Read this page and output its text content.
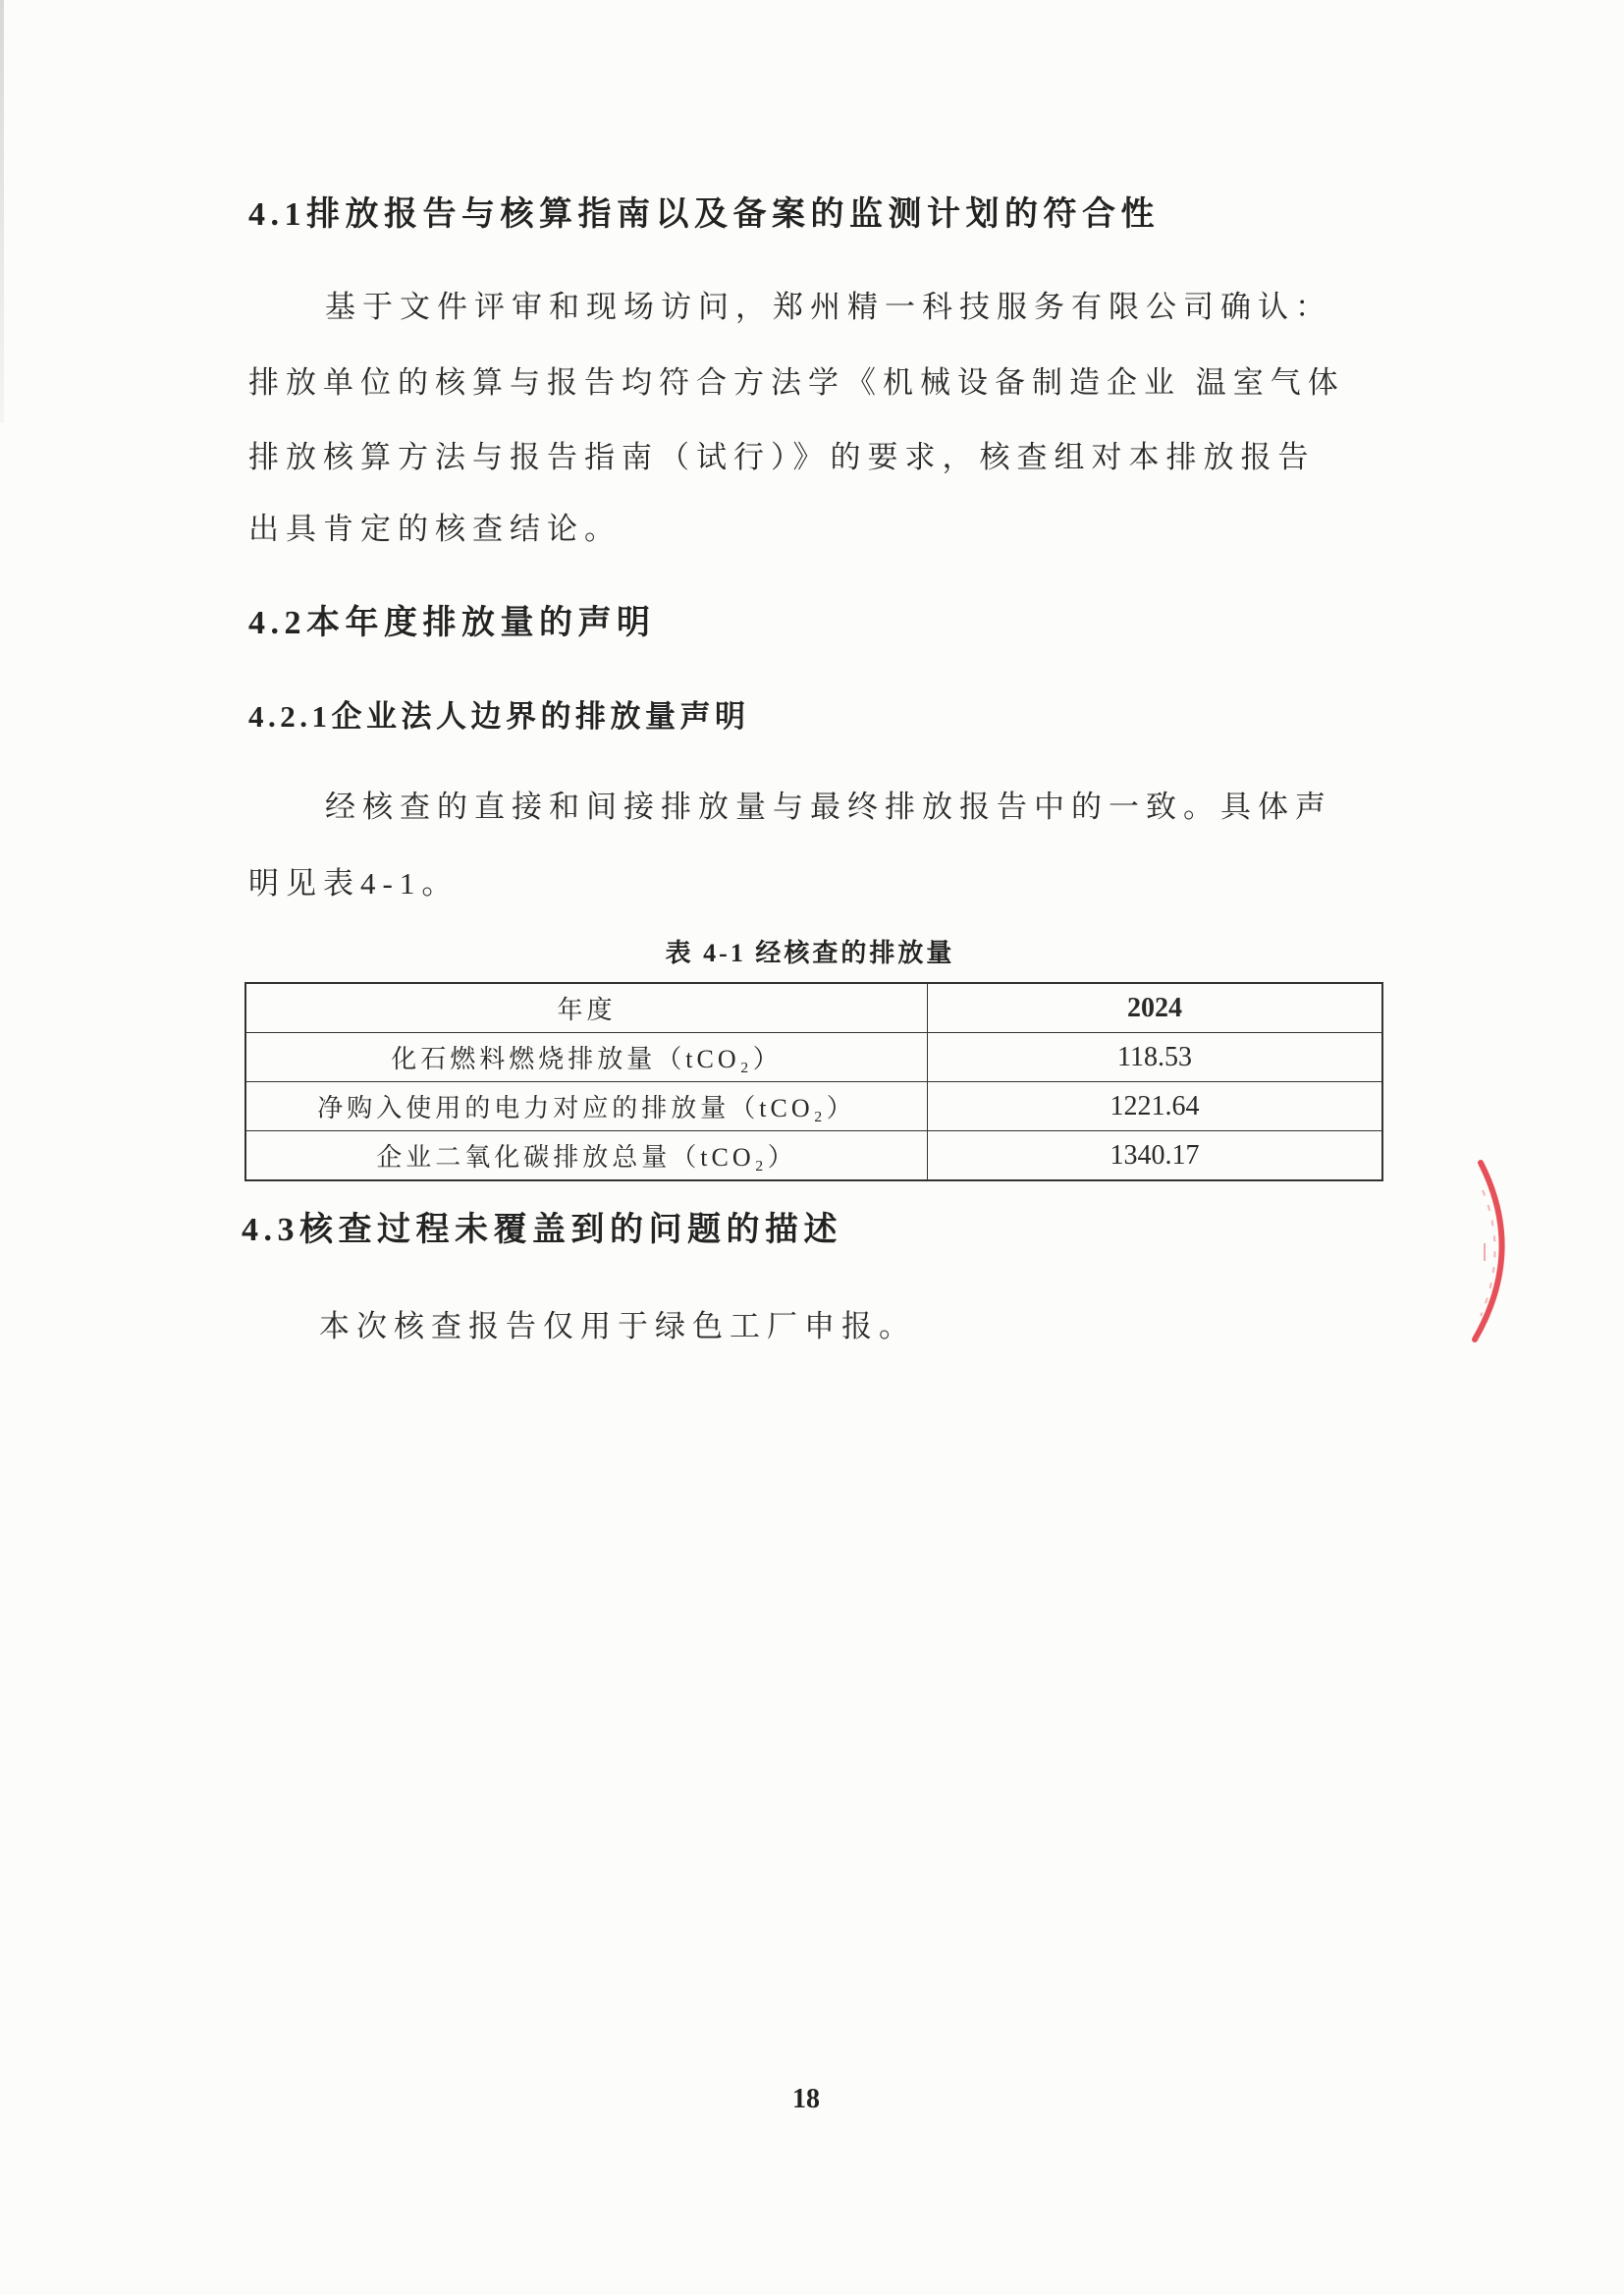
4.1排放报告与核算指南以及备案的监测计划的符合性
基于文件评审和现场访问，郑州精一科技服务有限公司确认：
排放单位的核算与报告均符合方法学《机械设备制造企业 温室气体
排放核算方法与报告指南（试行）》的要求，核查组对本排放报告
出具肯定的核查结论。
4.2本年度排放量的声明
4.2.1企业法人边界的排放量声明
经核查的直接和间接排放量与最终排放报告中的一致。具体声
明见表4-1。
表 4-1 经核查的排放量
年度	2024
化石燃料燃烧排放量（tCO₂）	118.53
净购入使用的电力对应的排放量（tCO₂）	1221.64
企业二氧化碳排放总量（tCO₂）	1340.17
4.3核查过程未覆盖到的问题的描述
本次核查报告仅用于绿色工厂申报。
18
